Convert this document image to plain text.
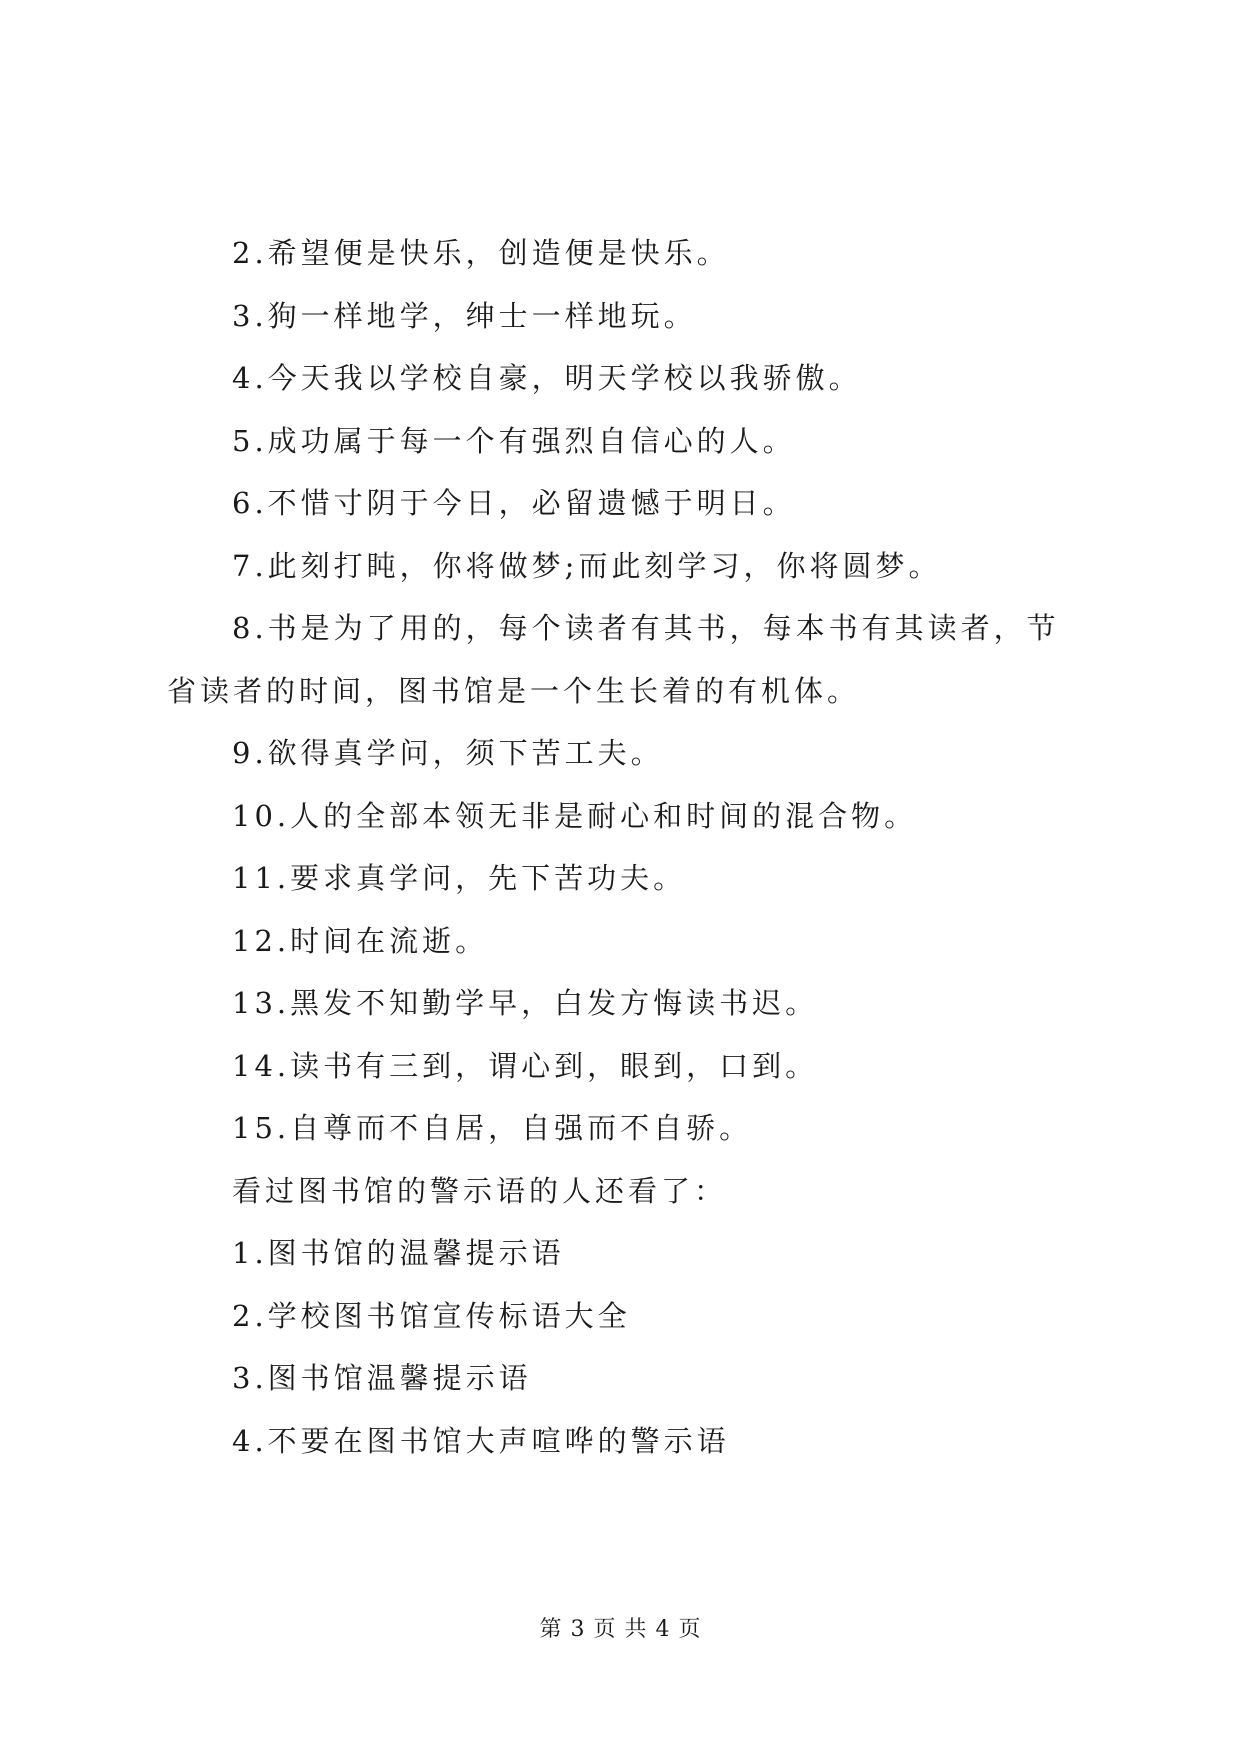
2.希望便是快乐，创造便是快乐。

3.狗一样地学，绅士一样地玩。

4.今天我以学校自豪，明天学校以我骄傲。

5.成功属于每一个有强烈自信心的人。

6.不惜寸阴于今日，必留遗憾于明日。

7.此刻打盹，你将做梦;而此刻学习，你将圆梦。

8.书是为了用的，每个读者有其书，每本书有其读者，节省读者的时间，图书馆是一个生长着的有机体。

9.欲得真学问，须下苦工夫。

10.人的全部本领无非是耐心和时间的混合物。

11.要求真学问，先下苦功夫。

12.时间在流逝。

13.黑发不知勤学早，白发方悔读书迟。

14.读书有三到，谓心到，眼到，口到。

15.自尊而不自居，自强而不自骄。

看过图书馆的警示语的人还看了：

1.图书馆的温馨提示语

2.学校图书馆宣传标语大全

3.图书馆温馨提示语

4.不要在图书馆大声喧哗的警示语

第 3 页 共 4 页
